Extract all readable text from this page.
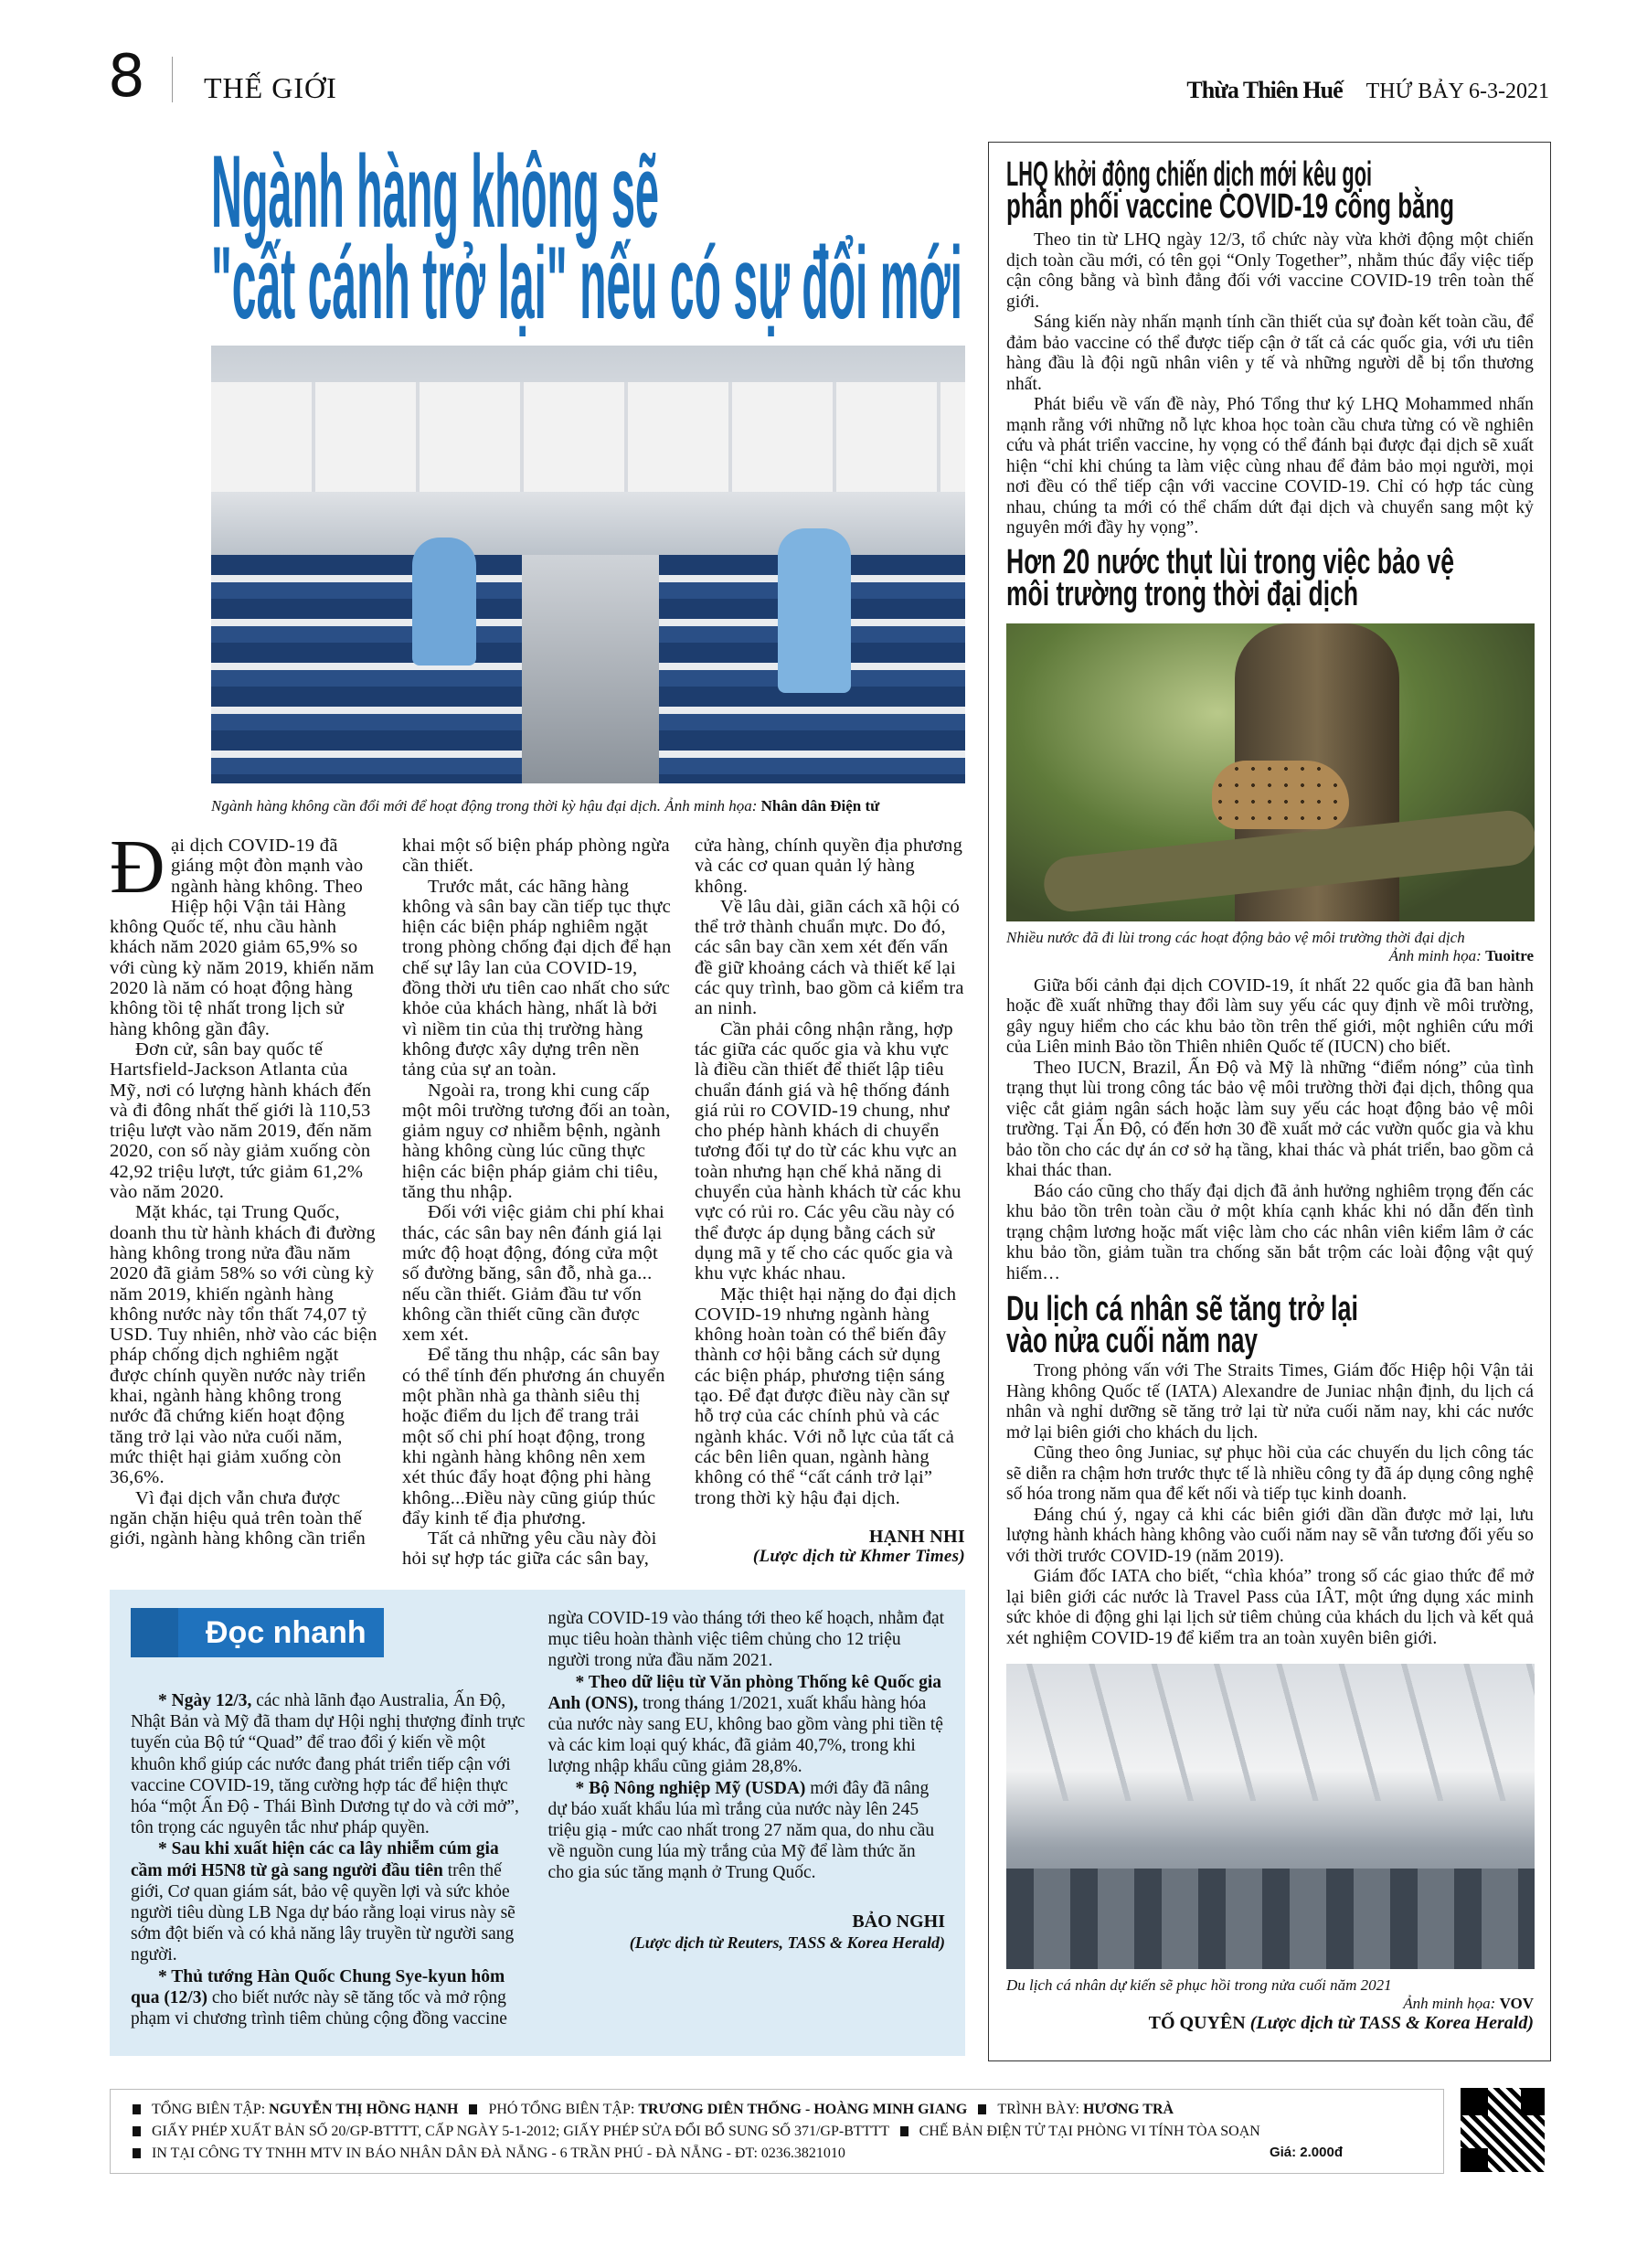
8 THẾ GIỚI	Thừa Thiên Huế THỨ BẢY 6-3-2021
Ngành hàng không sẽ
"cất cánh trở lại" nếu có sự đổi mới
Ngành hàng không cần đổi mới để hoạt động trong thời kỳ hậu đại dịch. Ảnh minh họa: Nhân dân Điện tử

Đại dịch COVID-19 đã giáng một đòn mạnh vào ngành hàng không. Theo Hiệp hội Vận tải Hàng không Quốc tế, nhu cầu hành khách năm 2020 giảm 65,9% so với cùng kỳ năm 2019, khiến năm 2020 là năm có hoạt động hàng không tồi tệ nhất trong lịch sử hàng không gần đây.

Đơn cử, sân bay quốc tế Hartsfield-Jackson Atlanta của Mỹ, nơi có lượng hành khách đến và đi đông nhất thế giới là 110,53 triệu lượt vào năm 2019, đến năm 2020, con số này giảm xuống còn 42,92 triệu lượt, tức giảm 61,2% vào năm 2020.

Mặt khác, tại Trung Quốc, doanh thu từ hành khách đi đường hàng không trong nửa đầu năm 2020 đã giảm 58% so với cùng kỳ năm 2019, khiến ngành hàng không nước này tổn thất 74,07 tỷ USD. Tuy nhiên, nhờ vào các biện pháp chống dịch nghiêm ngặt được chính quyền nước này triển khai, ngành hàng không trong nước đã chứng kiến hoạt động tăng trở lại vào nửa cuối năm, mức thiệt hại giảm xuống còn 36,6%.

Vì đại dịch vẫn chưa được ngăn chặn hiệu quả trên toàn thế giới, ngành hàng không cần triển khai một số biện pháp phòng ngừa cần thiết.

Trước mắt, các hãng hàng không và sân bay cần tiếp tục thực hiện các biện pháp nghiêm ngặt trong phòng chống đại dịch để hạn chế sự lây lan của COVID-19, đồng thời ưu tiên cao nhất cho sức khỏe của khách hàng, nhất là bởi vì niềm tin của thị trường hàng không được xây dựng trên nền tảng của sự an toàn.

Ngoài ra, trong khi cung cấp một môi trường tương đối an toàn, giảm nguy cơ nhiễm bệnh, ngành hàng không cùng lúc cũng thực hiện các biện pháp giảm chi tiêu, tăng thu nhập.

Đối với việc giảm chi phí khai thác, các sân bay nên đánh giá lại mức độ hoạt động, đóng cửa một số đường băng, sân đỗ, nhà ga... nếu cần thiết. Giảm đầu tư vốn không cần thiết cũng cần được xem xét.

Để tăng thu nhập, các sân bay có thể tính đến phương án chuyển một phần nhà ga thành siêu thị hoặc điểm du lịch để trang trải một số chi phí hoạt động, trong khi ngành hàng không nên xem xét thúc đẩy hoạt động phi hàng không...Điều này cũng giúp thúc đẩy kinh tế địa phương.

Tất cả những yêu cầu này đòi hỏi sự hợp tác giữa các sân bay, cửa hàng, chính quyền địa phương và các cơ quan quản lý hàng không.

Về lâu dài, giãn cách xã hội có thể trở thành chuẩn mực. Do đó, các sân bay cần xem xét đến vấn đề giữ khoảng cách và thiết kế lại các quy trình, bao gồm cả kiểm tra an ninh.

Cần phải công nhận rằng, hợp tác giữa các quốc gia và khu vực là điều cần thiết để thiết lập tiêu chuẩn đánh giá và hệ thống đánh giá rủi ro COVID-19 chung, như cho phép hành khách di chuyển tương đối tự do từ các khu vực an toàn nhưng hạn chế khả năng di chuyển của hành khách từ các khu vực có rủi ro. Các yêu cầu này có thể được áp dụng bằng cách sử dụng mã y tế cho các quốc gia và khu vực khác nhau.

Mặc thiệt hại nặng do đại dịch COVID-19 nhưng ngành hàng không hoàn toàn có thể biến đây thành cơ hội bằng cách sử dụng các biện pháp, phương tiện sáng tạo. Để đạt được điều này cần sự hỗ trợ của các chính phủ và các ngành khác. Với nỗ lực của tất cả các bên liên quan, ngành hàng không có thể “cất cánh trở lại” trong thời kỳ hậu đại dịch.

HẠNH NHI
(Lược dịch từ Khmer Times)
LHQ khởi động chiến dịch mới kêu gọi
phân phối vaccine COVID-19 công bằng

Theo tin từ LHQ ngày 12/3, tổ chức này vừa khởi động một chiến dịch toàn cầu mới, có tên gọi “Only Together”, nhằm thúc đẩy việc tiếp cận công bằng và bình đẳng đối với vaccine COVID-19 trên toàn thế giới.

Sáng kiến này nhấn mạnh tính cần thiết của sự đoàn kết toàn cầu, để đảm bảo vaccine có thể được tiếp cận ở tất cả các quốc gia, với ưu tiên hàng đầu là đội ngũ nhân viên y tế và những người dễ bị tổn thương nhất.

Phát biểu về vấn đề này, Phó Tổng thư ký LHQ Mohammed nhấn mạnh rằng với những nỗ lực khoa học toàn cầu chưa từng có về nghiên cứu và phát triển vaccine, hy vọng có thể đánh bại được đại dịch sẽ xuất hiện “chỉ khi chúng ta làm việc cùng nhau để đảm bảo mọi người, mọi nơi đều có thể tiếp cận với vaccine COVID-19. Chỉ có hợp tác cùng nhau, chúng ta mới có thể chấm dứt đại dịch và chuyển sang một kỷ nguyên mới đầy hy vọng”.

Hơn 20 nước thụt lùi trong việc bảo vệ
môi trường trong thời đại dịch
Nhiều nước đã đi lùi trong các hoạt động bảo vệ môi trường thời đại dịch
Ảnh minh họa: Tuoitre

Giữa bối cảnh đại dịch COVID-19, ít nhất 22 quốc gia đã ban hành hoặc đề xuất những thay đổi làm suy yếu các quy định về môi trường, gây nguy hiểm cho các khu bảo tồn trên thế giới, một nghiên cứu mới của Liên minh Bảo tồn Thiên nhiên Quốc tế (IUCN) cho biết.

Theo IUCN, Brazil, Ấn Độ và Mỹ là những “điểm nóng” của tình trạng thụt lùi trong công tác bảo vệ môi trường thời đại dịch, thông qua việc cắt giảm ngân sách hoặc làm suy yếu các hoạt động bảo vệ môi trường. Tại Ấn Độ, có đến hơn 30 đề xuất mở các vườn quốc gia và khu bảo tồn cho các dự án cơ sở hạ tầng, khai thác và phát triển, bao gồm cả khai thác than.

Báo cáo cũng cho thấy đại dịch đã ảnh hưởng nghiêm trọng đến các khu bảo tồn trên toàn cầu ở một khía cạnh khác khi nó dẫn đến tình trạng chậm lương hoặc mất việc làm cho các nhân viên kiểm lâm ở các khu bảo tồn, giảm tuần tra chống săn bắt trộm các loài động vật quý hiếm…

Du lịch cá nhân sẽ tăng trở lại
vào nửa cuối năm nay

Trong phỏng vấn với The Straits Times, Giám đốc Hiệp hội Vận tải Hàng không Quốc tế (IATA) Alexandre de Juniac nhận định, du lịch cá nhân và nghỉ dưỡng sẽ tăng trở lại từ nửa cuối năm nay, khi các nước mở lại biên giới cho khách du lịch.

Cũng theo ông Juniac, sự phục hồi của các chuyến du lịch công tác sẽ diễn ra chậm hơn trước thực tế là nhiều công ty đã áp dụng công nghệ số hóa trong năm qua để kết nối và tiếp tục kinh doanh.

Đáng chú ý, ngay cả khi các biên giới dần dần được mở lại, lưu lượng hành khách hàng không vào cuối năm nay sẽ vẫn tương đối yếu so với thời trước COVID-19 (năm 2019).

Giám đốc IATA cho biết, “chìa khóa” trong số các giao thức để mở lại biên giới các nước là Travel Pass của IÂT, một ứng dụng xác minh sức khỏe di động ghi lại lịch sử tiêm chủng của khách du lịch và kết quả xét nghiệm COVID-19 để kiểm tra an toàn xuyên biên giới.

Du lịch cá nhân dự kiến sẽ phục hồi trong nửa cuối năm 2021
Ảnh minh họa: VOV
TỐ QUYÊN (Lược dịch từ TASS & Korea Herald)
Đọc nhanh

* Ngày 12/3, các nhà lãnh đạo Australia, Ấn Độ, Nhật Bản và Mỹ đã tham dự Hội nghị thượng đỉnh trực tuyến của Bộ tứ “Quad” để trao đổi ý kiến về một khuôn khổ giúp các nước đang phát triển tiếp cận với vaccine COVID-19, tăng cường hợp tác để hiện thực hóa “một Ấn Độ - Thái Bình Dương tự do và cởi mở”, tôn trọng các nguyên tắc như pháp quyền.

* Sau khi xuất hiện các ca lây nhiễm cúm gia cầm mới H5N8 từ gà sang người đầu tiên trên thế giới, Cơ quan giám sát, bảo vệ quyền lợi và sức khỏe người tiêu dùng LB Nga dự báo rằng loại virus này sẽ sớm đột biến và có khả năng lây truyền từ người sang người.

* Thủ tướng Hàn Quốc Chung Sye-kyun hôm qua (12/3) cho biết nước này sẽ tăng tốc và mở rộng phạm vi chương trình tiêm chủng cộng đồng vaccine ngừa COVID-19 vào tháng tới theo kế hoạch, nhằm đạt mục tiêu hoàn thành việc tiêm chủng cho 12 triệu người trong nửa đầu năm 2021.

* Theo dữ liệu từ Văn phòng Thống kê Quốc gia Anh (ONS), trong tháng 1/2021, xuất khẩu hàng hóa của nước này sang EU, không bao gồm vàng phi tiền tệ và các kim loại quý khác, đã giảm 40,7%, trong khi lượng nhập khẩu cũng giảm 28,8%.

* Bộ Nông nghiệp Mỹ (USDA) mới đây đã nâng dự báo xuất khẩu lúa mì trắng của nước này lên 245 triệu giạ - mức cao nhất trong 27 năm qua, do nhu cầu về nguồn cung lúa mỳ trắng của Mỹ để làm thức ăn cho gia súc tăng mạnh ở Trung Quốc.

BẢO NGHI
(Lược dịch từ Reuters, TASS & Korea Herald)
TỔNG BIÊN TẬP: NGUYỄN THỊ HỒNG HẠNH PHÓ TỔNG BIÊN TẬP: TRƯƠNG DIÊN THỐNG - HOÀNG MINH GIANG TRÌNH BÀY: HƯƠNG TRÀ
GIẤY PHÉP XUẤT BẢN SỐ 20/GP-BTTTT, CẤP NGÀY 5-1-2012; GIẤY PHÉP SỬA ĐỔI BỔ SUNG SỐ 371/GP-BTTTT CHẾ BẢN ĐIỆN TỬ TẠI PHÒNG VI TÍNH TÒA SOẠN
IN TẠI CÔNG TY TNHH MTV IN BÁO NHÂN DÂN ĐÀ NẴNG - 6 TRẦN PHÚ - ĐÀ NẴNG - ĐT: 0236.3821010	Giá: 2.000đ
